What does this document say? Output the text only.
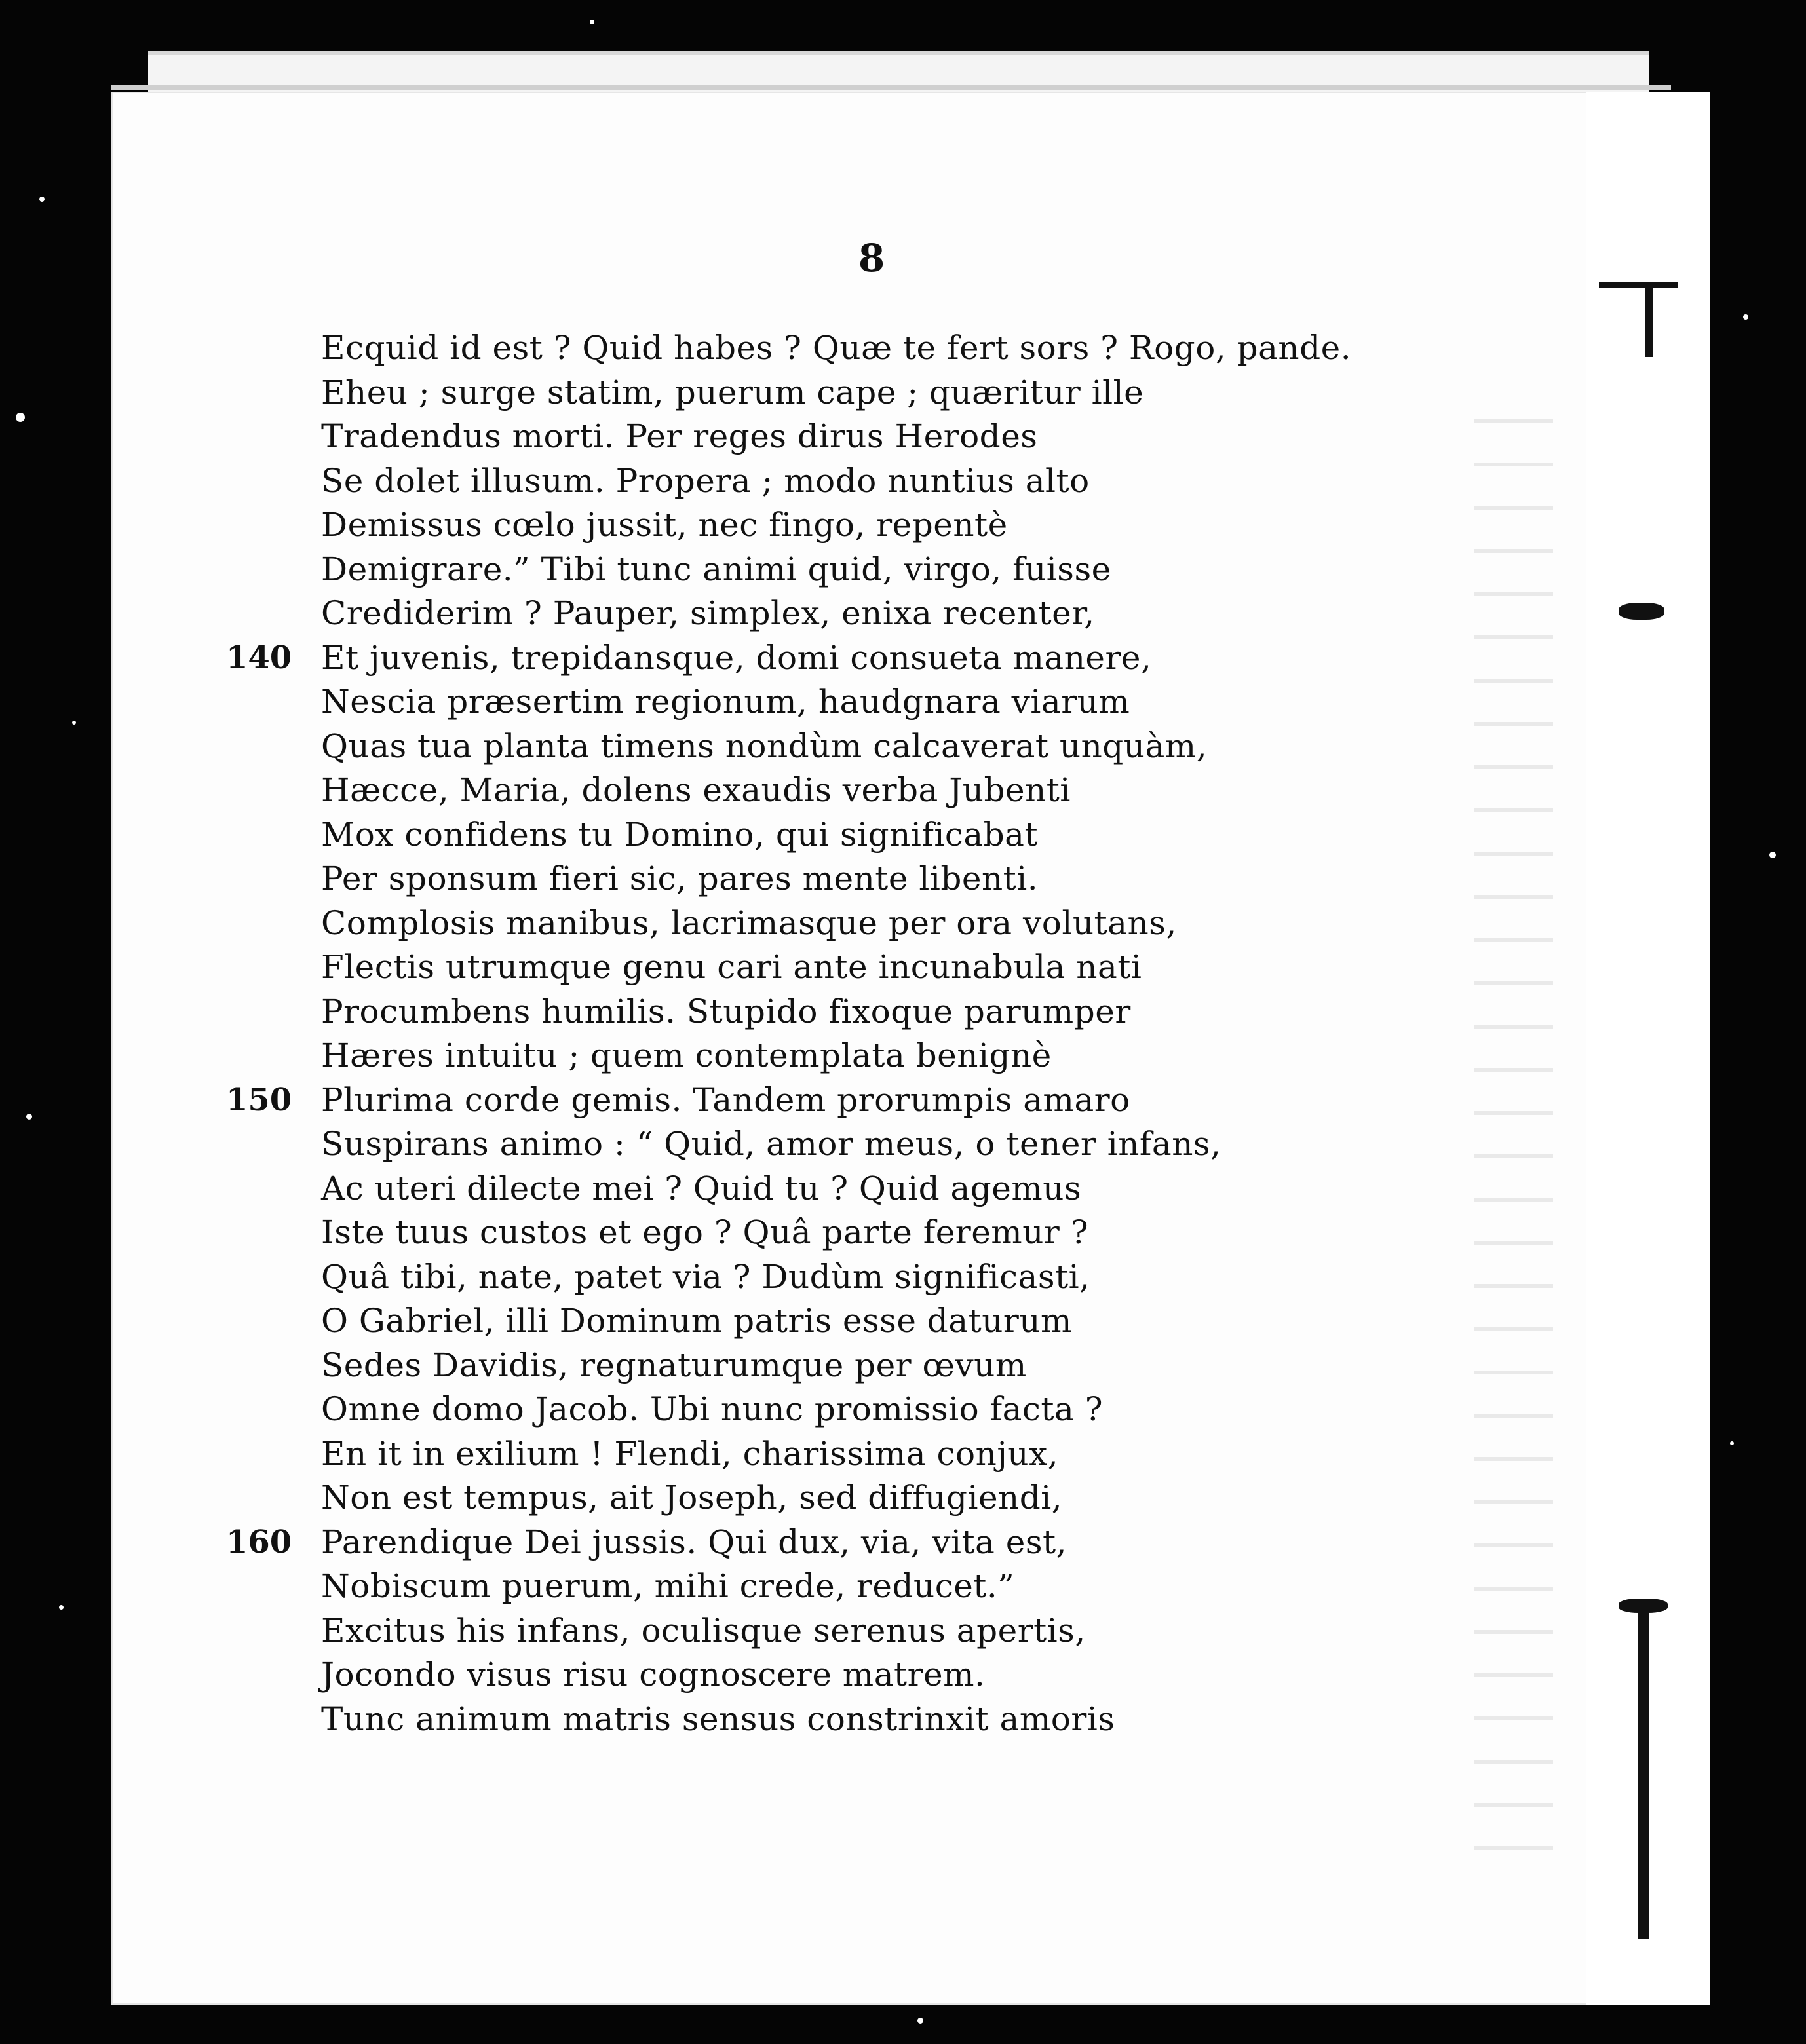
8
Ecquid id est ? Quid habes ? Quæ te fert sors ? Rogo, pande.
Eheu ; surge statim, puerum cape ; quæritur ille
Tradendus morti. Per reges dirus Herodes
Se dolet illusum. Propera ; modo nuntius alto
Demissus cœlo jussit, nec fingo, repentè
Demigrare.” Tibi tunc animi quid, virgo, fuisse
Crediderim ? Pauper, simplex, enixa recenter,
140 Et juvenis, trepidansque, domi consueta manere,
Nescia præsertim regionum, haudgnara viarum
Quas tua planta timens nondùm calcaverat unquàm,
Hæcce, Maria, dolens exaudis verba Jubenti
Mox confidens tu Domino, qui significabat
Per sponsum fieri sic, pares mente libenti.
Complosis manibus, lacrimasque per ora volutans,
Flectis utrumque genu cari ante incunabula nati
Procumbens humilis. Stupido fixoque parumper
Hæres intuitu ; quem contemplata benignè
150 Plurima corde gemis. Tandem prorumpis amaro
Suspirans animo : “ Quid, amor meus, o tener infans,
Ac uteri dilecte mei ? Quid tu ? Quid agemus
Iste tuus custos et ego ? Quâ parte feremur ?
Quâ tibi, nate, patet via ? Dudùm significasti,
O Gabriel, illi Dominum patris esse daturum
Sedes Davidis, regnaturumque per œvum
Omne domo Jacob. Ubi nunc promissio facta ?
En it in exilium ! Flendi, charissima conjux,
Non est tempus, ait Joseph, sed diffugiendi,
160 Parendique Dei jussis. Qui dux, via, vita est,
Nobiscum puerum, mihi crede, reducet.”
Excitus his infans, oculisque serenus apertis,
Jocondo visus risu cognoscere matrem.
Tunc animum matris sensus constrinxit amoris
